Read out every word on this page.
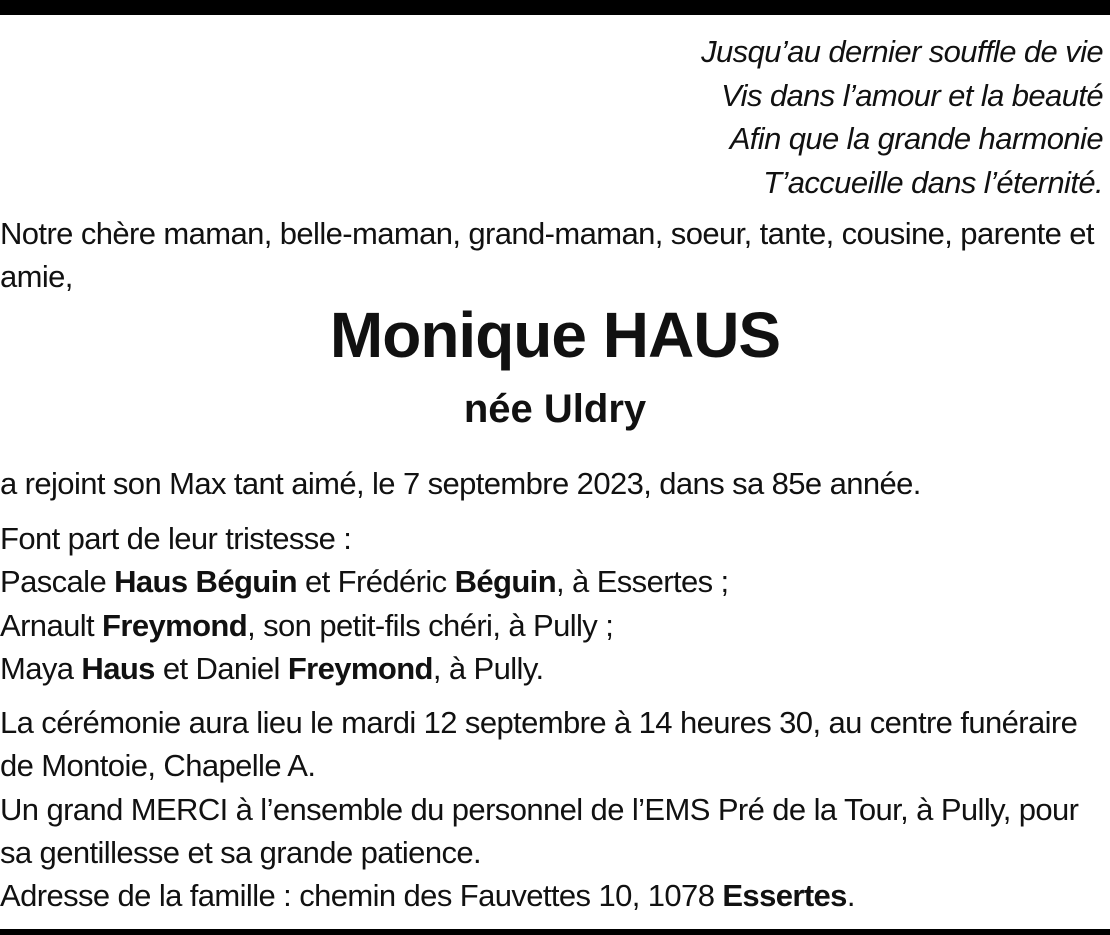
Jusqu’au dernier souffle de vie
Vis dans l’amour et la beauté
Afin que la grande harmonie
T’accueille dans l’éternité.
Notre chère maman, belle-maman, grand-maman, soeur, tante, cousine, parente et amie,
Monique HAUS
née Uldry
a rejoint son Max tant aimé, le 7 septembre 2023, dans sa 85e année.
Font part de leur tristesse :
Pascale Haus Béguin et Frédéric Béguin, à Essertes ;
Arnault Freymond, son petit-fils chéri, à Pully ;
Maya Haus et Daniel Freymond, à Pully.
La cérémonie aura lieu le mardi 12 septembre à 14 heures 30, au centre funéraire de Montoie, Chapelle A.
Un grand MERCI à l’ensemble du personnel de l’EMS Pré de la Tour, à Pully, pour sa gentillesse et sa grande patience.
Adresse de la famille : chemin des Fauvettes 10, 1078 Essertes.
